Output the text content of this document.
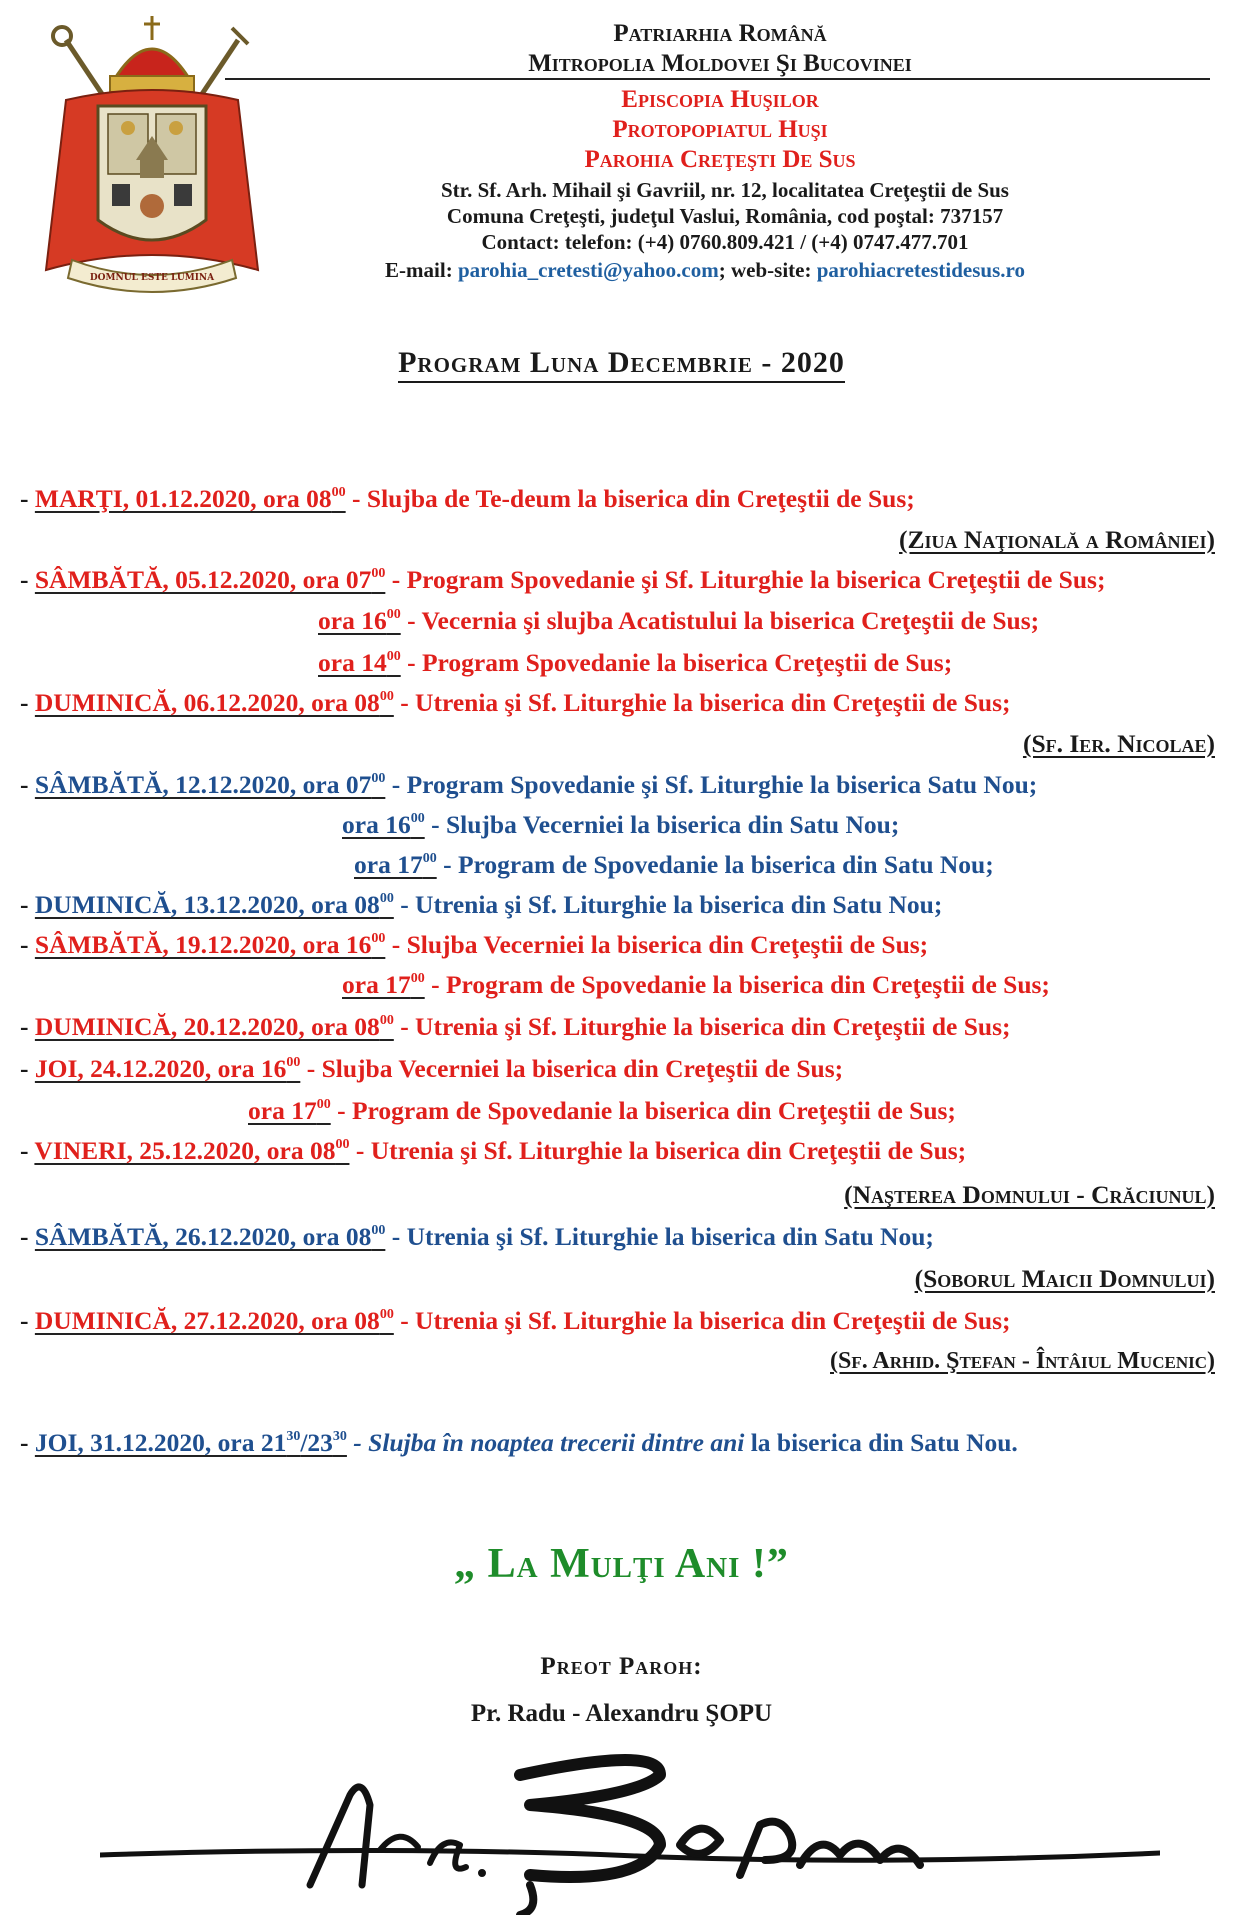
DOMNUL ESTE LUMINA
Patriarhia Română
Mitropolia Moldovei Şi Bucovinei
Episcopia Huşilor
Protopopiatul Huşi
Parohia Creţeşti De Sus
Str. Sf. Arh. Mihail şi Gavriil, nr. 12, localitatea Creţeştii de Sus
Comuna Creţeşti, judeţul Vaslui, România, cod poştal: 737157
Contact: telefon: (+4) 0760.809.421 / (+4) 0747.477.701
E-mail: parohia_cretesti@yahoo.com; web-site: parohiacretestidesus.ro
Program Luna Decembrie - 2020
- MARŢI, 01.12.2020, ora $08^{00}$ - Slujba de Te-deum la biserica din Creţeştii de Sus;
(Ziua Naţională a României)
- SÂMBĂTĂ, 05.12.2020, ora $07^{00}$ - Program Spovedanie şi Sf. Liturghie la biserica Creţeştii de Sus;
ora $16^{00}$ - Vecernia şi slujba Acatistului la biserica Creţeştii de Sus;
ora $14^{00}$ - Program Spovedanie la biserica Creţeştii de Sus;
- DUMINICĂ, 06.12.2020, ora $08^{00}$ - Utrenia şi Sf. Liturghie la biserica din Creţeştii de Sus;
(Sf. Ier. Nicolae)
- SÂMBĂTĂ, 12.12.2020, ora $07^{00}$ - Program Spovedanie şi Sf. Liturghie la biserica Satu Nou;
ora $16^{00}$ - Slujba Vecerniei la biserica din Satu Nou;
ora $17^{00}$ - Program de Spovedanie la biserica din Satu Nou;
- DUMINICĂ, 13.12.2020, ora $08^{00}$ - Utrenia şi Sf. Liturghie la biserica din Satu Nou;
- SÂMBĂTĂ, 19.12.2020, ora $16^{00}$ - Slujba Vecerniei la biserica din Creţeştii de Sus;
ora $17^{00}$ - Program de Spovedanie la biserica din Creţeştii de Sus;
- DUMINICĂ, 20.12.2020, ora $08^{00}$ - Utrenia şi Sf. Liturghie la biserica din Creţeştii de Sus;
- JOI, 24.12.2020, ora $16^{00}$ - Slujba Vecerniei la biserica din Creţeştii de Sus;
ora $17^{00}$ - Program de Spovedanie la biserica din Creţeştii de Sus;
- VINERI, 25.12.2020, ora $08^{00}$ - Utrenia şi Sf. Liturghie la biserica din Creţeştii de Sus;
(Naşterea Domnului - Crăciunul)
- SÂMBĂTĂ, 26.12.2020, ora $08^{00}$ - Utrenia şi Sf. Liturghie la biserica din Satu Nou;
(Soborul Maicii Domnului)
- DUMINICĂ, 27.12.2020, ora $08^{00}$ - Utrenia şi Sf. Liturghie la biserica din Creţeştii de Sus;
(Sf. Arhid. Ştefan - Întâiul Mucenic)
- JOI, 31.12.2020, ora $21^{30}/23^{30}$ - Slujba în noaptea trecerii dintre ani la biserica din Satu Nou.
„ La Mulţi Ani !”
Preot Paroh:
Pr. Radu - Alexandru ŞOPU
